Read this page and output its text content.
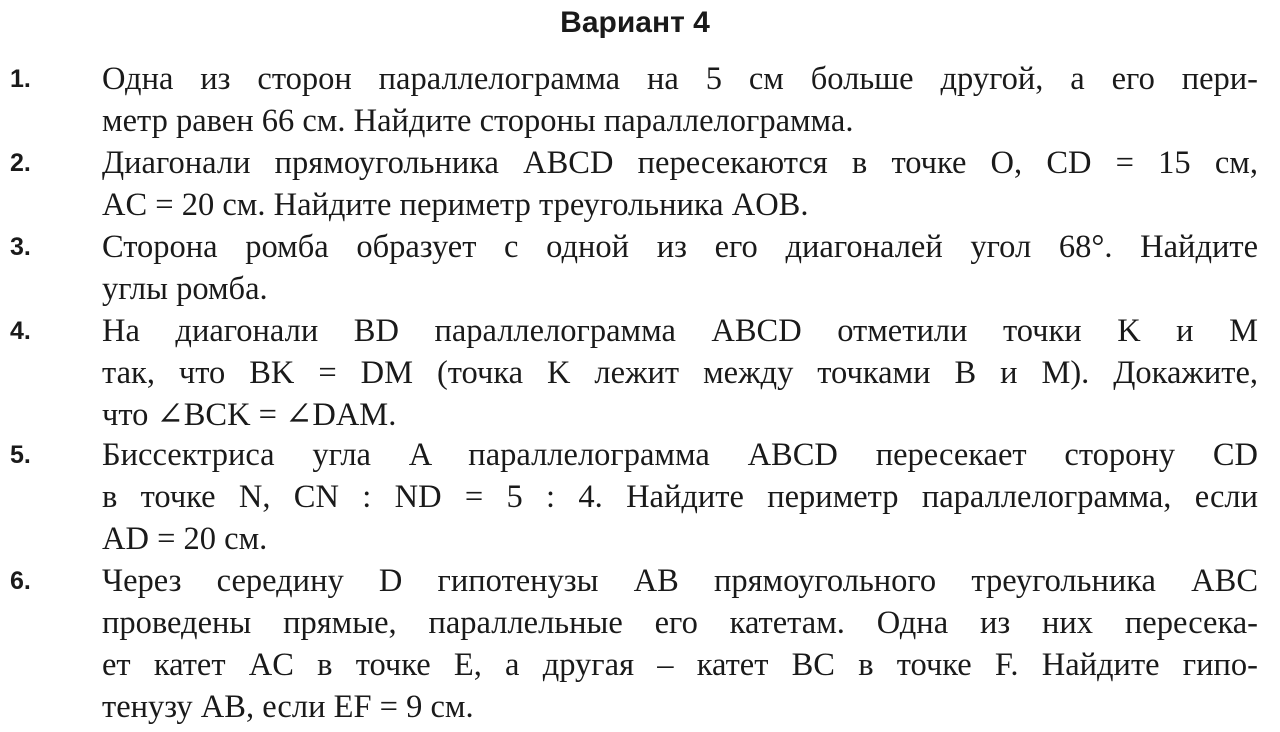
Вариант 4
1. Одна из сторон параллелограмма на 5 см больше другой, а его пери-
метр равен 66 см. Найдите стороны параллелограмма.
2. Диагонали прямоугольника ABCD пересекаются в точке O, CD = 15 см,
AC = 20 см. Найдите периметр треугольника AOB.
3. Сторона ромба образует с одной из его диагоналей угол 68°. Найдите
углы ромба.
4. На диагонали BD параллелограмма ABCD отметили точки K и M
так, что BK = DM (точка K лежит между точками B и M). Докажите,
что ∠BCK = ∠DAM.
5. Биссектриса угла A параллелограмма ABCD пересекает сторону CD
в точке N, CN : ND = 5 : 4. Найдите периметр параллелограмма, если
AD = 20 см.
6. Через середину D гипотенузы AB прямоугольного треугольника ABC
проведены прямые, параллельные его катетам. Одна из них пересека-
ет катет AC в точке E, а другая – катет BC в точке F. Найдите гипо-
тенузу AB, если EF = 9 см.
